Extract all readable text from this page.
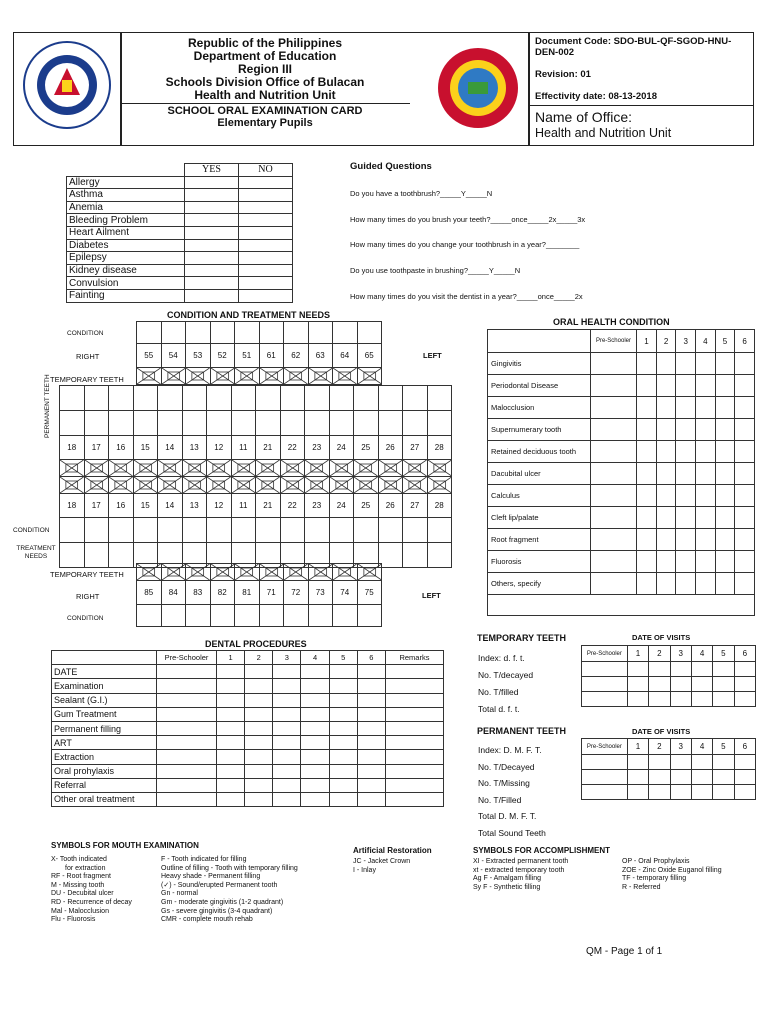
Republic of the Philippines
Department of Education
Region III
Schools Division Office of Bulacan
Health and Nutrition Unit
SCHOOL ORAL EXAMINATION CARD
Elementary Pupils
Document Code: SDO-BUL-QF-SGOD-HNU-DEN-002
Revision: 01
Effectivity date: 08-13-2018
Name of Office:
Health and Nutrition Unit
	YES	NO
Allergy		
Asthma		
Anemia		
Bleeding Problem		
Heart Ailment		
Diabetes		
Epilepsy		
Kidney disease		
Convulsion		
Fainting		
Guided Questions
Do you have a toothbrush?_____Y_____N
How many times do you brush your teeth?_____once_____2x_____3x
How many times do you change your toothbrush in a year?________
Do you use toothpaste in brushing?_____Y_____N
How many times do you visit the dentist in a year?_____once_____2x
CONDITION AND TREATMENT NEEDS
CONDITION
RIGHT	LEFT
TEMPORARY TEETH

55	54	53	52	51	61	62	63	64	65

18	17	16	15	14	13	12	11	21	22	23	24	25	26	27	28

18	17	16	15	14	13	12	11	21	22	23	24	25	26	27	28

PERMANENT TEETH
CONDITION
TREATMENT NEEDS
TEMPORARY TEETH
RIGHT	LEFT
CONDITION

85	84	83	82	81	71	72	73	74	75

ORAL HEALTH CONDITION
	Pre-Schooler	1	2	3	4	5	6
Gingivitis							
Periodontal Disease							
Malocclusion							
Supernumerary tooth							
Retained deciduous tooth							
Dacubital ulcer							
Calculus							
Cleft lip/palate							
Root fragment							
Fluorosis							
Others, specify							

DENTAL PROCEDURES
	Pre-Schooler	1	2	3	4	5	6	Remarks
DATE								
Examination								
Sealant (G.I.)								
Gum Treatment								
Permanent filling								
ART								
Extraction								
Oral prohylaxis								
Referral								
Other oral treatment								
TEMPORARY TEETH	DATE OF VISITS
Index: d. f. t.
No. T/decayed
No. T/filled
Total d. f. t.
Pre-Schooler	1	2	3	4	5	6

PERMANENT TEETH	DATE OF VISITS
Index: D. M. F. T.
No. T/Decayed
No. T/Missing
No. T/Filled
Total D. M. F. T.
Total Sound Teeth
Pre-Schooler	1	2	3	4	5	6

SYMBOLS FOR MOUTH EXAMINATION
X- Tooth indicated
for extraction
RF - Root fragment
M - Missing tooth
DU - Decubital ulcer
RD - Recurrence of decay
Mal - Malocclusion
Flu - Fluorosis
F - Tooth indicated for filling
Outline of filling - Tooth with temporary filling
Heavy shade - Permanent filling
(✓) - Sound/erupted Permanent tooth
Gn - normal
Gm - moderate gingivitis (1-2 quadrant)
Gs - severe gingivitis (3-4 quadrant)
CMR - complete mouth rehab
Artificial Restoration
JC - Jacket Crown
I - Inlay
SYMBOLS FOR ACCOMPLISHMENT
XI - Extracted permanent tooth
xt - extracted temporary tooth
Ag F - Amalgam filling
Sy F - Synthetic filling
OP - Oral Prophylaxis
ZOE - Zinc Oxide Euganol filling
TF - temporary filling
R - Referred
QM - Page 1 of 1
